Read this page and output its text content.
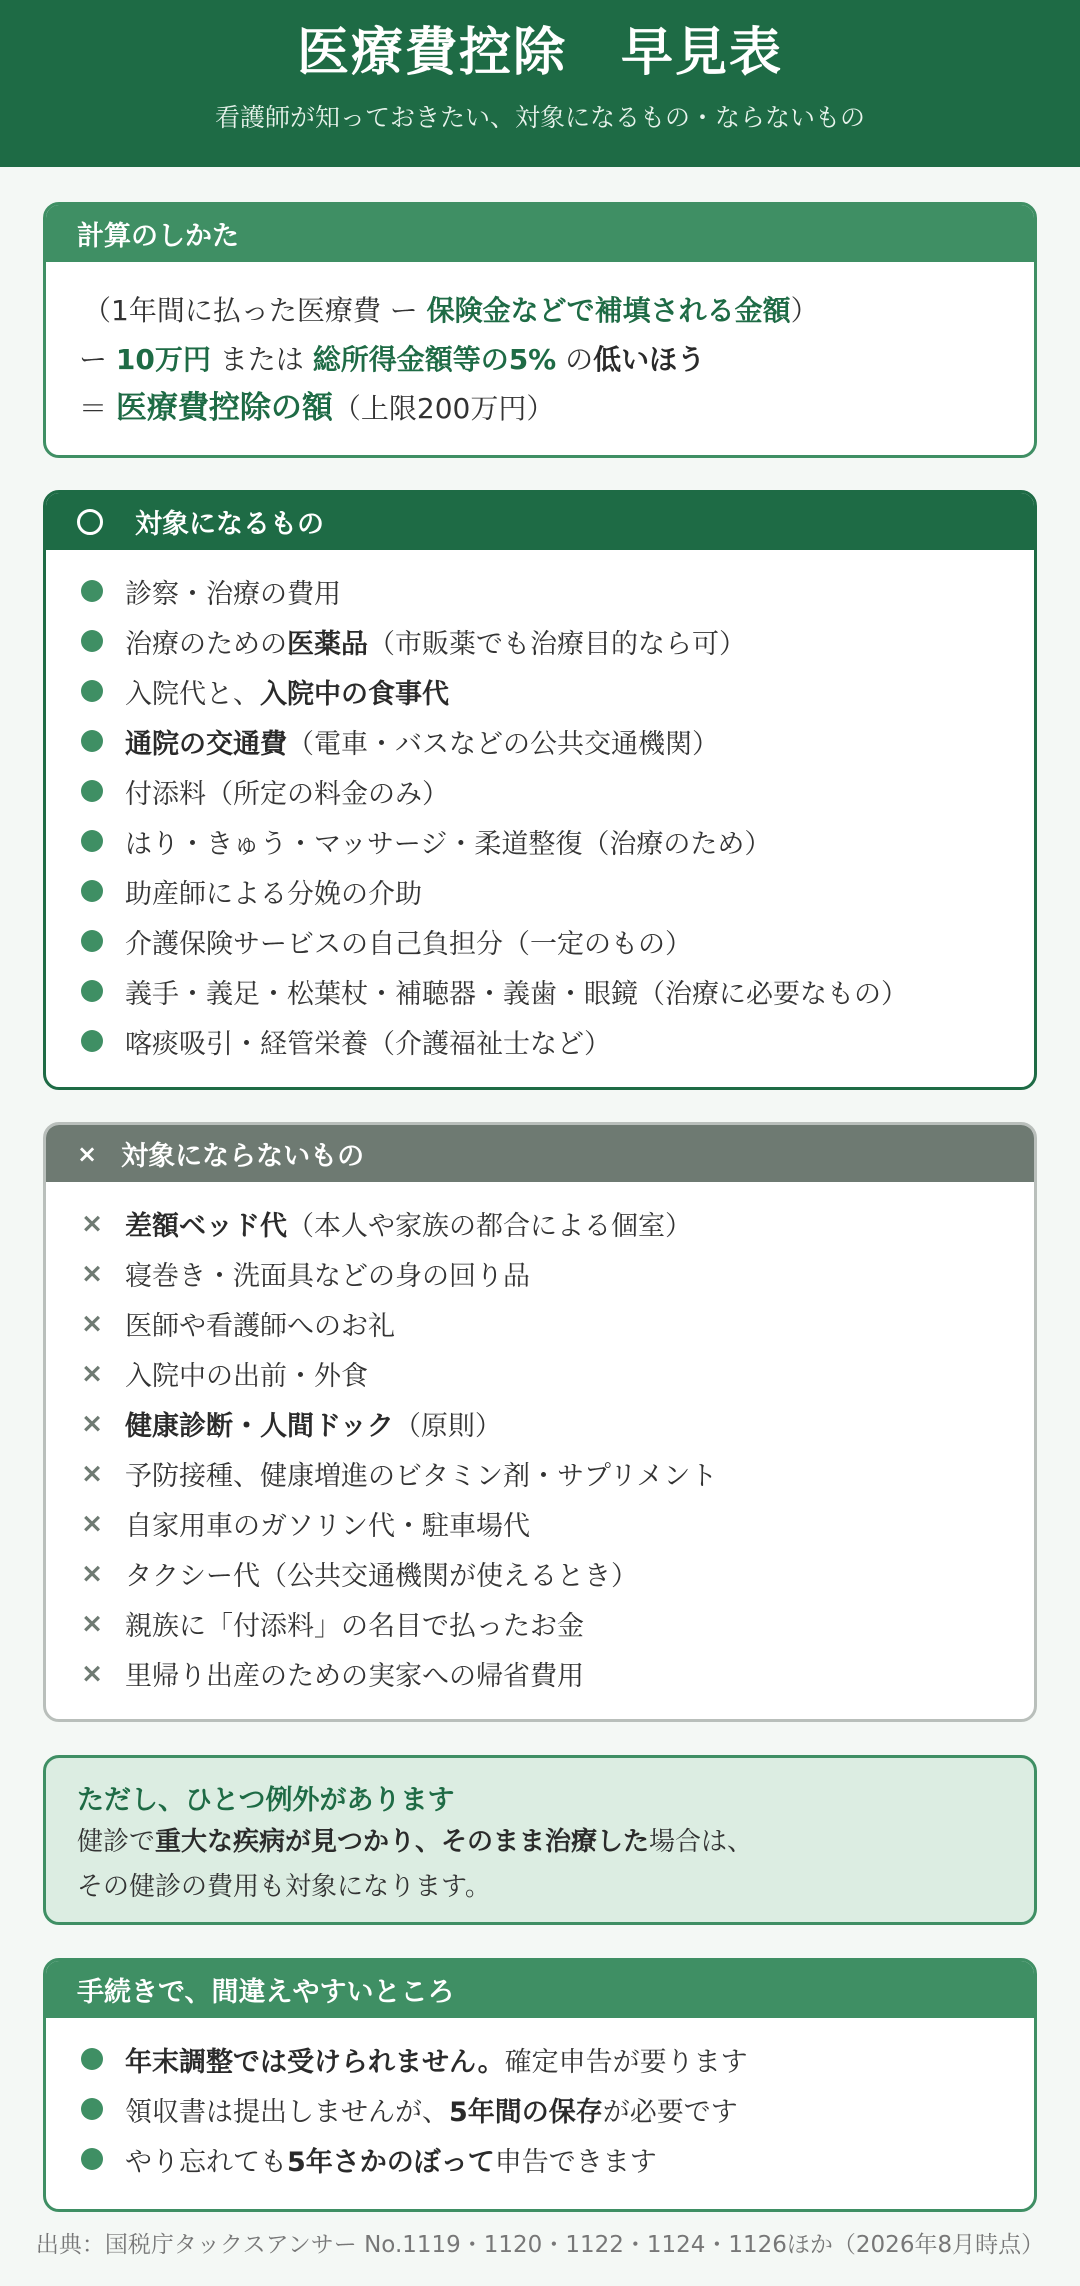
医療費控除　早見表
看護師が知っておきたい、対象になるもの・ならないもの
計算のしかた
（1年間に払った医療費 ー 保険金などで補填される金額）
ー 10万円 または 総所得金額等の5% の低いほう
＝ 医療費控除の額（上限200万円）
対象になるもの
診察・治療の費用
治療のための 医薬品 （市販薬でも治療目的なら可）
入院代と、 入院中の食事代
通院の交通費 （電車・バスなどの公共交通機関）
付添料（所定の料金のみ）
はり・きゅう・マッサージ・柔道整復（治療のため）
助産師による分娩の介助
介護保険サービスの自己負担分（一定のもの）
義手・義足・松葉杖・補聴器・義歯・眼鏡（治療に必要なもの）
喀痰吸引・経管栄養（介護福祉士など）
× 対象にならないもの
× 差額ベッド代 （本人や家族の都合による個室）
× 寝巻き・洗面具などの身の回り品
× 医師や看護師へのお礼
× 入院中の出前・外食
× 健康診断・人間ドック （原則）
× 予防接種、健康増進のビタミン剤・サプリメント
× 自家用車のガソリン代・駐車場代
× タクシー代（公共交通機関が使えるとき）
× 親族に「付添料」の名目で払ったお金
× 里帰り出産のための実家への帰省費用
ただし、ひとつ例外があります
健診で重大な疾病が見つかり、そのまま治療した場合は、
その健診の費用も対象になります。
手続きで、間違えやすいところ
年末調整では受けられません。 確定申告が要ります
領収書は提出しませんが、 5年間の保存 が必要です
やり忘れても 5年さかのぼって 申告できます
出典：国税庁タックスアンサー No.1119・1120・1122・1124・1126ほか（2026年8月時点）
